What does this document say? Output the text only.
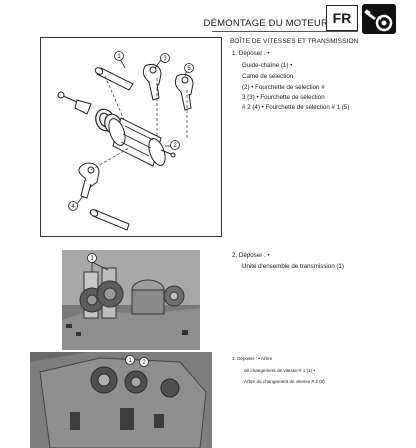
DÉMONTAGE DU MOTEUR FR
BOÎTE DE VITESSES ET TRANSMISSION
1. Déposer : •
Guide-chaîne (1) •
Came de sélection
(2) • Fourchette de sélection #
3 (3) • Fourchette de sélection
# 2 (4) • Fourchette de sélection # 1 (5)
1	3
5
2
4
2. Déposer : •
Unité d'ensemble de transmission (1)
1
3. Déposer : • Arbre
de changement de vitesse # 1 (1) •
Arbre de changement de vitesse # 2 (2)
1 2
